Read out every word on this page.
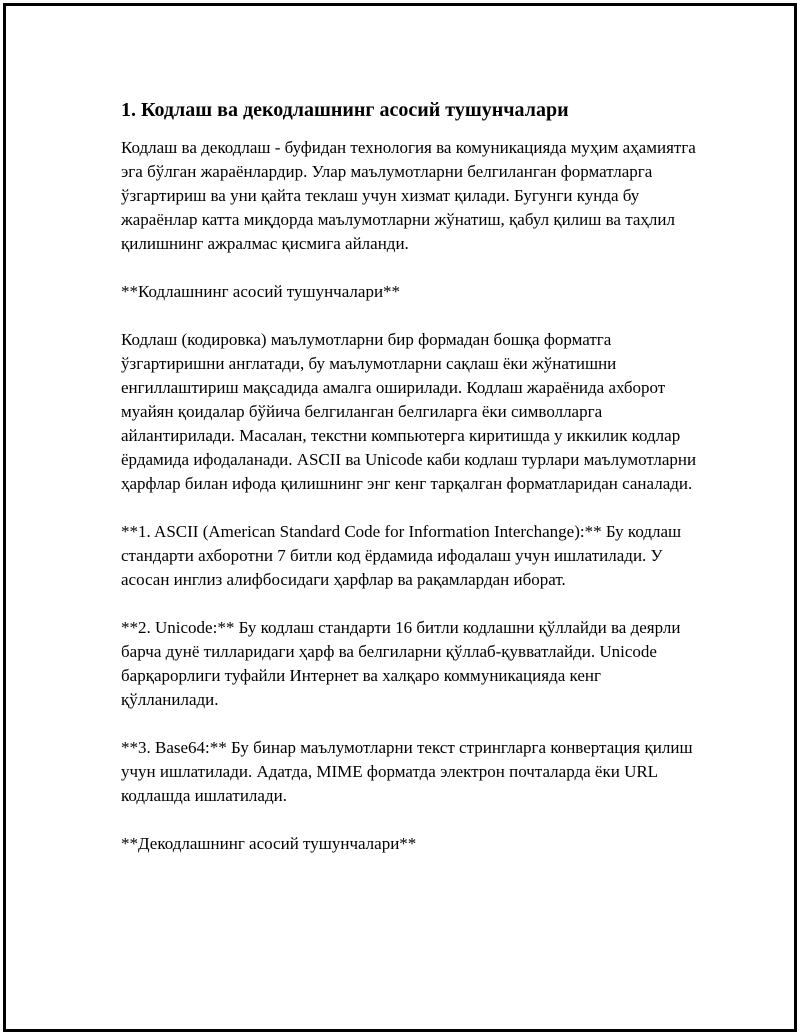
1. Кодлаш ва декодлашнинг асосий тушунчалари

Кодлаш ва декодлаш - буфидан технология ва комуникацияда муҳим аҳамиятга эга бўлган жараёнлардир. Улар маълумотларни белгиланган форматларга ўзгартириш ва уни қайта теклаш учун хизмат қилади. Бугунги кунда бу жараёнлар катта миқдорда маълумотларни жўнатиш, қабул қилиш ва таҳлил қилишнинг ажралмас қисмига айланди.

**Кодлашнинг асосий тушунчалари**

Кодлаш (кодировка) маълумотларни бир формадан бошқа форматга ўзгартиришни англатади, бу маълумотларни сақлаш ёки жўнатишни енгиллаштириш мақсадида амалга оширилади. Кодлаш жараёнида ахборот муайян қоидалар бўйича белгиланган белгиларга ёки символларга айлантирилади. Масалан, текстни компьютерга киритишда у иккилик кодлар ёрдамида ифодаланади. ASCII ва Unicode каби кодлаш турлари маълумотларни ҳарфлар билан ифода қилишнинг энг кенг тарқалган форматларидан саналади.

**1. ASCII (American Standard Code for Information Interchange):** Бу кодлаш стандарти ахборотни 7 битли код ёрдамида ифодалаш учун ишлатилади. У асосан инглиз алифбосидаги ҳарфлар ва рақамлардан иборат.

**2. Unicode:** Бу кодлаш стандарти 16 битли кодлашни қўллайди ва деярли барча дунё тилларидаги ҳарф ва белгиларни қўллаб-қувватлайди. Unicode барқарорлиги туфайли Интернет ва халқаро коммуникацияда кенг қўлланилади.

**3. Base64:** Бу бинар маълумотларни текст стрингларга конвертация қилиш учун ишлатилади. Адатда, MIME форматда электрон почталарда ёки URL кодлашда ишлатилади.

**Декодлашнинг асосий тушунчалари**
